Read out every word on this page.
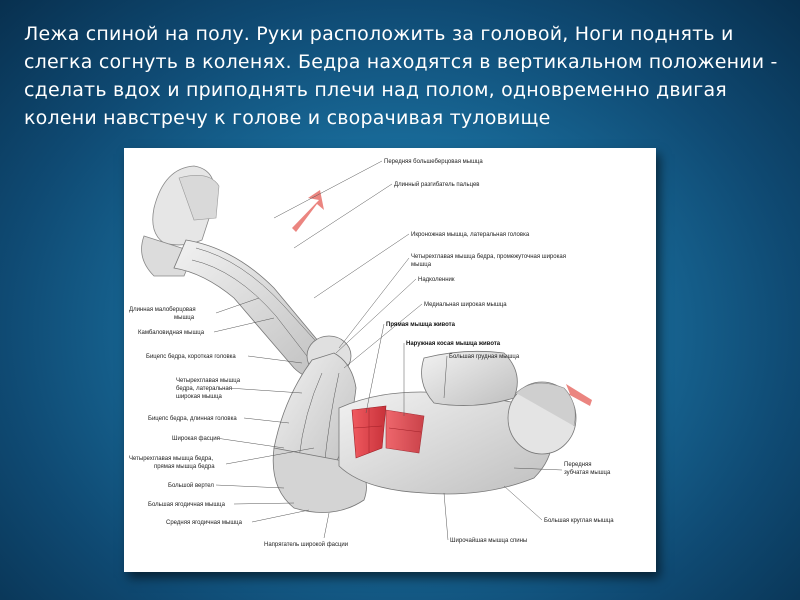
Лежа спиной на полу. Руки расположить за головой, Ноги поднять и слегка согнуть в коленях. Бедра находятся в вертикальном положении - сделать вдох и приподнять плечи над полом, одновременно двигая колени навстречу к голове и сворачивая туловище
Передняя большеберцовая мышца
Длинный разгибатель пальцев
Икроножная мышца, латеральная головка
Четырехглавая мышца бедра, промежуточная широкая
мышца
Надколенник
Медиальная широкая мышца
Прямая мышца живота
Наружная косая мышца живота
Большая грудная мышца
Передняя
зубчатая мышца
Большая круглая мышца
Широчайшая мышца спины
Длинная малоберцовая
мышца
Камбаловидная мышца
Бицепс бедра, короткая головка
Четырехглавая мышца
бедра, латеральная
широкая мышца
Бицепс бедра, длинная головка
Широкая фасция
Четырехглавая мышца бедра,
прямая мышца бедра
Большой вертел
Большая ягодичная мышца
Средняя ягодичная мышца
Напрягатель широкой фасции
